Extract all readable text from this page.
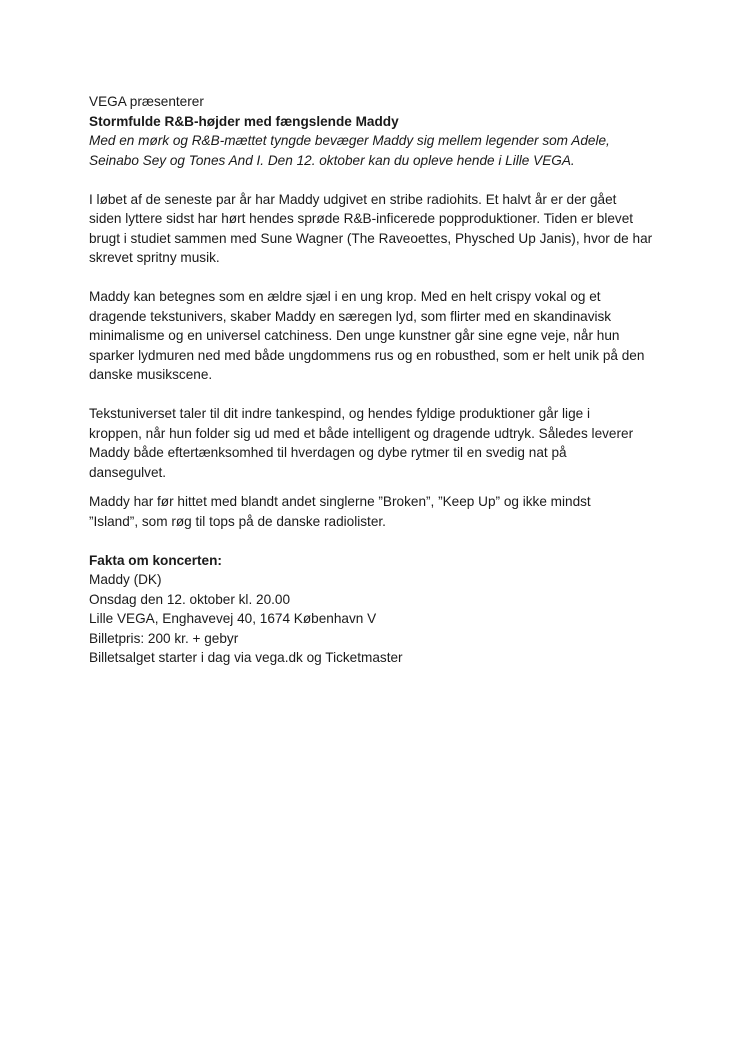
VEGA præsenterer
Stormfulde R&B-højder med fængslende Maddy
Med en mørk og R&B-mættet tyngde bevæger Maddy sig mellem legender som Adele,
Seinabo Sey og Tones And I. Den 12. oktober kan du opleve hende i Lille VEGA.
I løbet af de seneste par år har Maddy udgivet en stribe radiohits. Et halvt år er der gået
siden lyttere sidst har hørt hendes sprøde R&B-inficerede popproduktioner. Tiden er blevet
brugt i studiet sammen med Sune Wagner (The Raveoettes, Physched Up Janis), hvor de har
skrevet spritny musik.
Maddy kan betegnes som en ældre sjæl i en ung krop. Med en helt crispy vokal og et
dragende tekstunivers, skaber Maddy en særegen lyd, som flirter med en skandinavisk
minimalisme og en universel catchiness. Den unge kunstner går sine egne veje, når hun
sparker lydmuren ned med både ungdommens rus og en robusthed, som er helt unik på den
danske musikscene.
Tekstuniverset taler til dit indre tankespind, og hendes fyldige produktioner går lige i
kroppen, når hun folder sig ud med et både intelligent og dragende udtryk. Således leverer
Maddy både eftertænksomhed til hverdagen og dybe rytmer til en svedig nat på
dansegulvet.
Maddy har før hittet med blandt andet singlerne ”Broken”, ”Keep Up” og ikke mindst
”Island”, som røg til tops på de danske radiolister.
Fakta om koncerten:
Maddy (DK)
Onsdag den 12. oktober kl. 20.00
Lille VEGA, Enghavevej 40, 1674 København V
Billetpris: 200 kr. + gebyr
Billetsalget starter i dag via vega.dk og Ticketmaster
